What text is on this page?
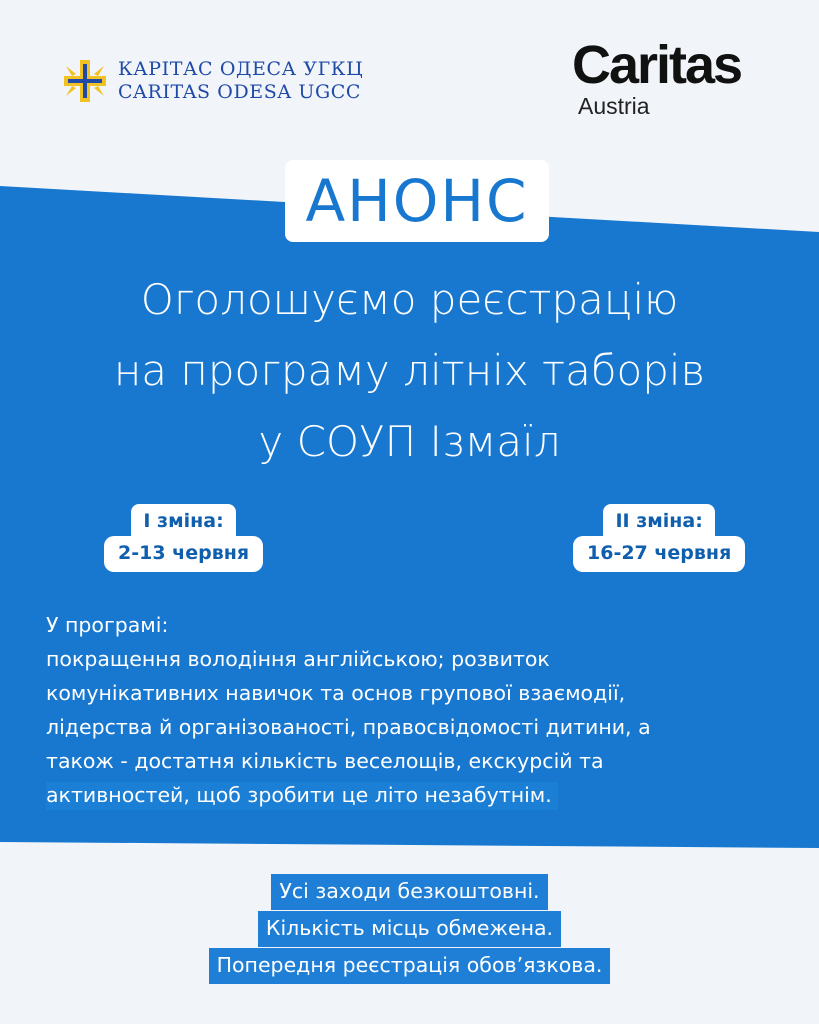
КАРІТАС ОДЕСА УГКЦ
CARITAS ODESA UGCC	Caritas
Austria
АНОНС
Оголошуємо реєстрацію
на програму літніх таборів
у СОУП Ізмаїл
І зміна:
2-13 червня
ІІ зміна:
16-27 червня
У програмі:
покращення володіння англійською; розвиток
комунікативних навичок та основ групової взаємодії,
лідерства й організованості, правосвідомості дитини, а
також - достатня кількість веселощів, екскурсій та
активностей, щоб зробити це літо незабутнім.
Усі заходи безкоштовні.
Кількість місць обмежена.
Попередня реєстрація обов’язкова.
